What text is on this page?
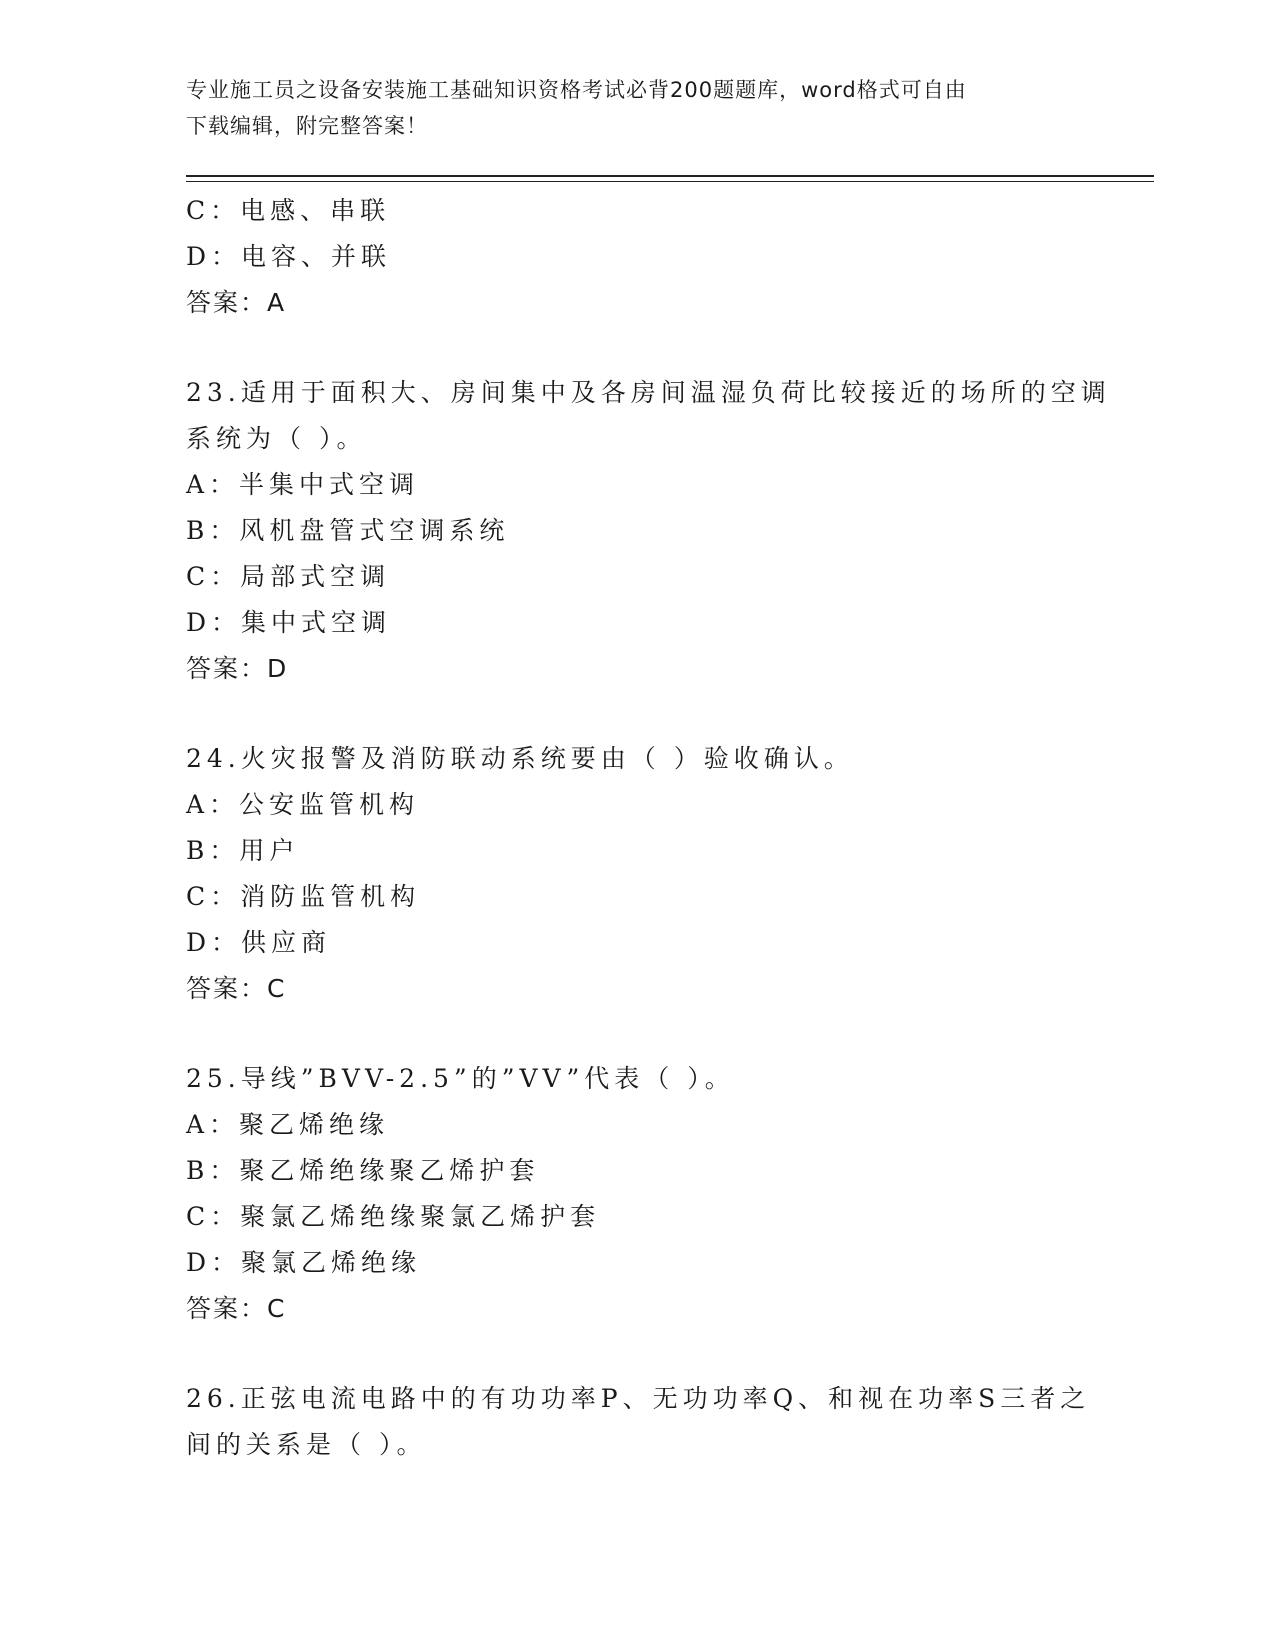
专业施工员之设备安装施工基础知识资格考试必背200题题库，word格式可自由
下载编辑，附完整答案！
C：电感、串联
D：电容、并联
答案：A
23.适用于面积大、房间集中及各房间温湿负荷比较接近的场所的空调
系统为（ ）。
A：半集中式空调
B：风机盘管式空调系统
C：局部式空调
D：集中式空调
答案：D
24.火灾报警及消防联动系统要由（ ）验收确认。
A：公安监管机构
B：用户
C：消防监管机构
D：供应商
答案：C
25.导线”BVV-2.5”的”VV”代表（ ）。
A：聚乙烯绝缘
B：聚乙烯绝缘聚乙烯护套
C：聚氯乙烯绝缘聚氯乙烯护套
D：聚氯乙烯绝缘
答案：C
26.正弦电流电路中的有功功率P、无功功率Q、和视在功率S三者之
间的关系是（ ）。
